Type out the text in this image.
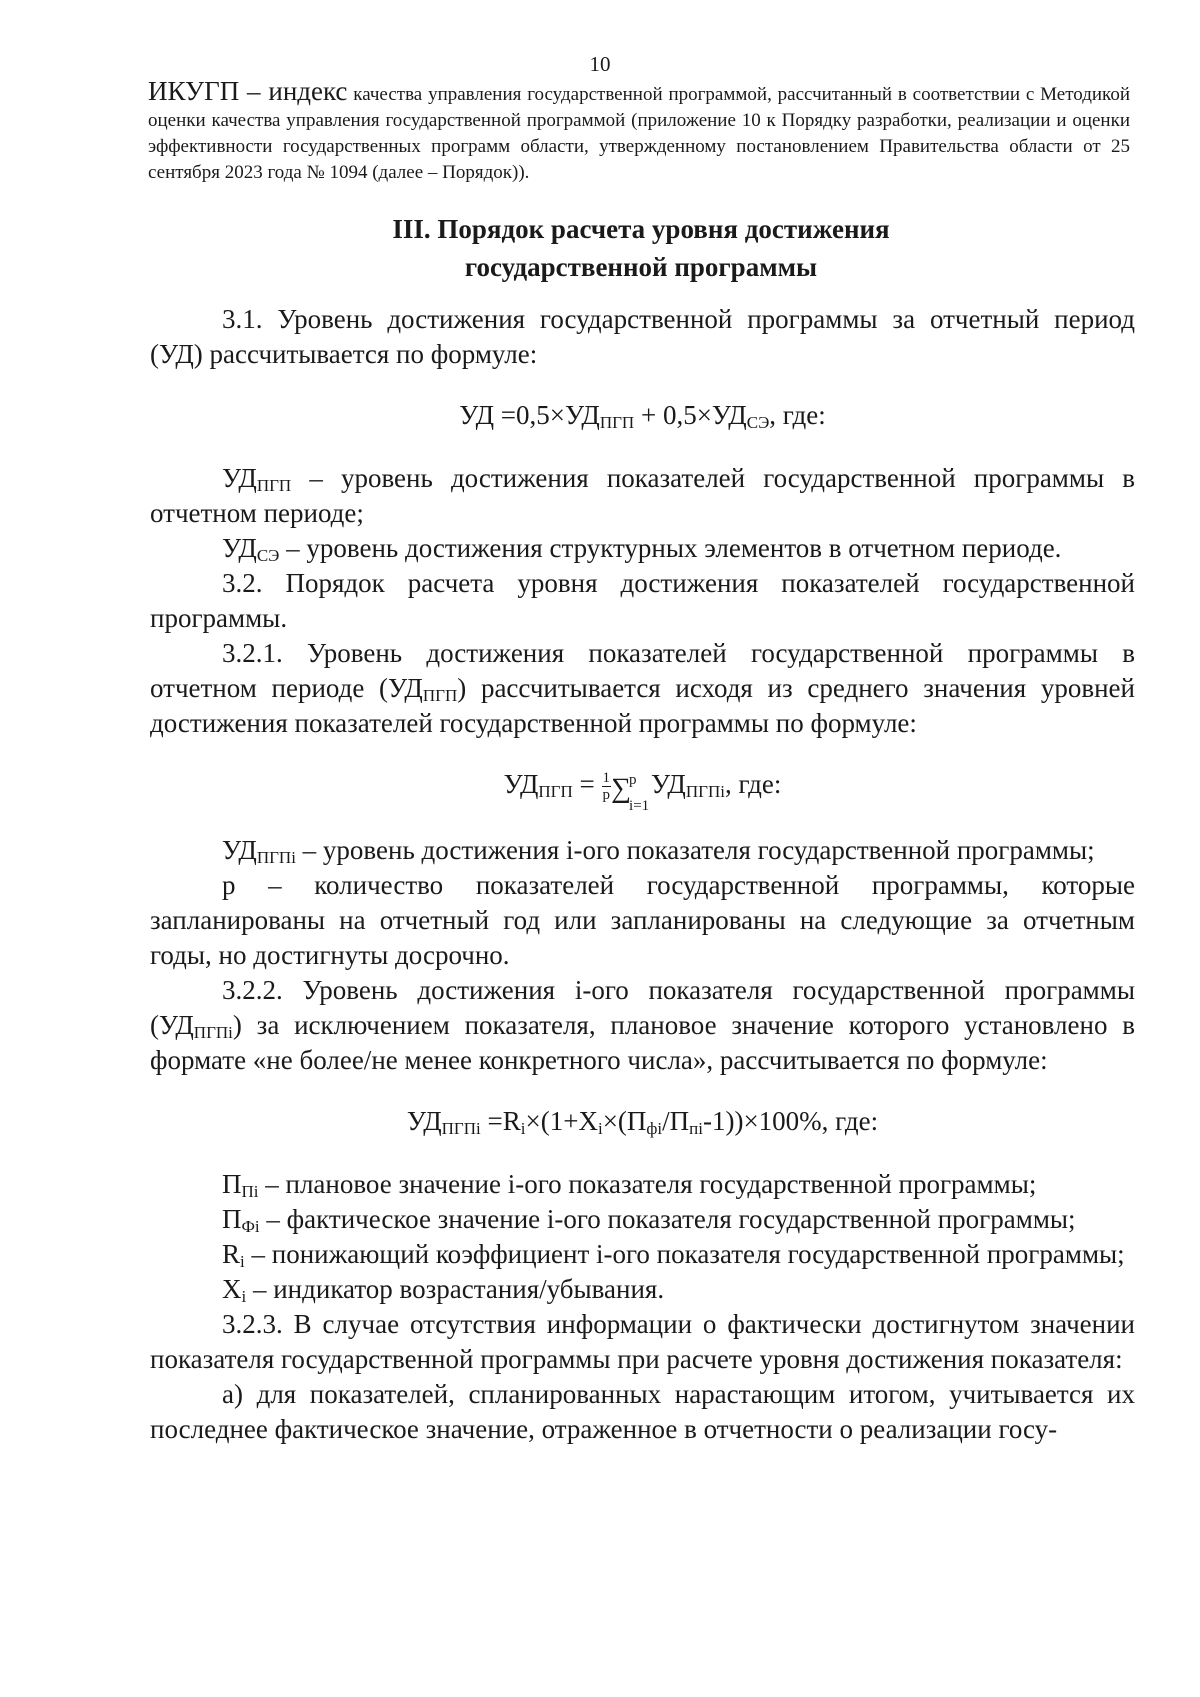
10
ИКУГП – индекс качества управления государственной программой, рассчитанный в соответствии с Методикой оценки качества управления государственной программой (приложение 10 к Порядку разработки, реализации и оценки эффективности государственных программ области, утвержденному постановлением Правительства области от 25 сентября 2023 года № 1094 (далее – Порядок)).
III. Порядок расчета уровня достижения
государственной программы

3.1. Уровень достижения государственной программы за отчетный период (УД) рассчитывается по формуле:

УД $=0,5\times УД_{ПГП} + 0,5\times УД_{СЭ}$, где:

$УД_{ПГП}$ – уровень достижения показателей государственной программы в отчетном периоде;

$УД_{СЭ}$ – уровень достижения структурных элементов в отчетном периоде.

3.2. Порядок расчета уровня достижения показателей государственной программы.

3.2.1. Уровень достижения показателей государственной программы в отчетном периоде $(УД_{ПГП})$ рассчитывается исходя из среднего значения уровней достижения показателей государственной программы по формуле:

$УД_{ПГП} = \frac{1}{p}$ ∑
p
i=1
$УД_{ПГПi}$, где:

$УД_{ПГПi}$ – уровень достижения i-ого показателя государственной программы;

p – количество показателей государственной программы, которые запланированы на отчетный год или запланированы на следующие за отчетным годы, но достигнуты досрочно.

3.2.2. Уровень достижения i-ого показателя государственной программы $(УД_{ПГПi})$ за исключением показателя, плановое значение которого установлено в формате «не более/не менее конкретного числа», рассчитывается по формуле:

$УД_{ПГПi} =R_i\times(1+X_i\times(П_{фi}/П_{пi}-1))\times 100\%$, где:

$П_{Пi}$ – плановое значение i-ого показателя государственной программы;

$П_{Фi}$ – фактическое значение i-ого показателя государственной программы;

$R_i$ – понижающий коэффициент i-ого показателя государственной программы;

$X_i$ – индикатор возрастания/убывания.

3.2.3. В случае отсутствия информации о фактически достигнутом значении показателя государственной программы при расчете уровня достижения показателя:

а) для показателей, спланированных нарастающим итогом, учитывается их последнее фактическое значение, отраженное в отчетности о реализации госу-
